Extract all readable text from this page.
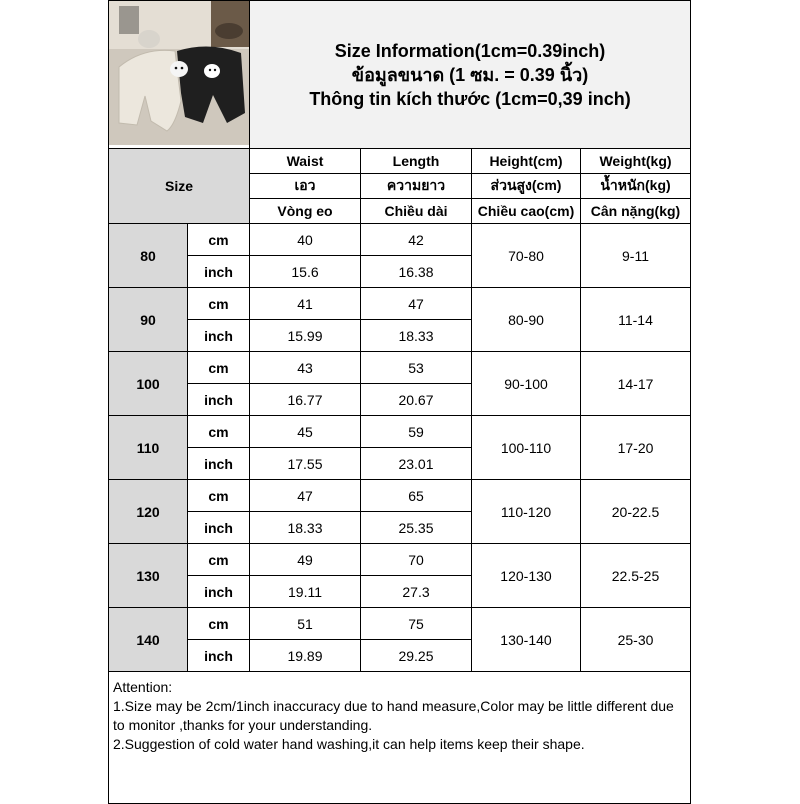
Size Information(1cm=0.39inch)
ข้อมูลขนาด (1 ซม. = 0.39 นิ้ว)
Thông tin kích thước (1cm=0,39 inch)			

Size		Waist	Length	Height(cm)	Weight(kg)
		เอว	ความยาว	ส่วนสูง(cm)	น้ำหนัก(kg)
		Vòng eo	Chiều dài	Chiều cao(cm)	Cân nặng(kg)
80	cm	40	42	70-80	9-11
	inch	15.6	16.38		
90	cm	41	47	80-90	11-14
	inch	15.99	18.33		
100	cm	43	53	90-100	14-17
	inch	16.77	20.67		
110	cm	45	59	100-110	17-20
	inch	17.55	23.01		
120	cm	47	65	110-120	20-22.5
	inch	18.33	25.35		
130	cm	49	70	120-130	22.5-25
	inch	19.11	27.3		
140	cm	51	75	130-140	25-30
	inch	19.89	29.25		

Attention:
1.Size may be 2cm/1inch inaccuracy due to hand measure,Color may be little different due to monitor ,thanks for your understanding.
2.Suggestion of cold water hand washing,it can help items keep their shape.					
